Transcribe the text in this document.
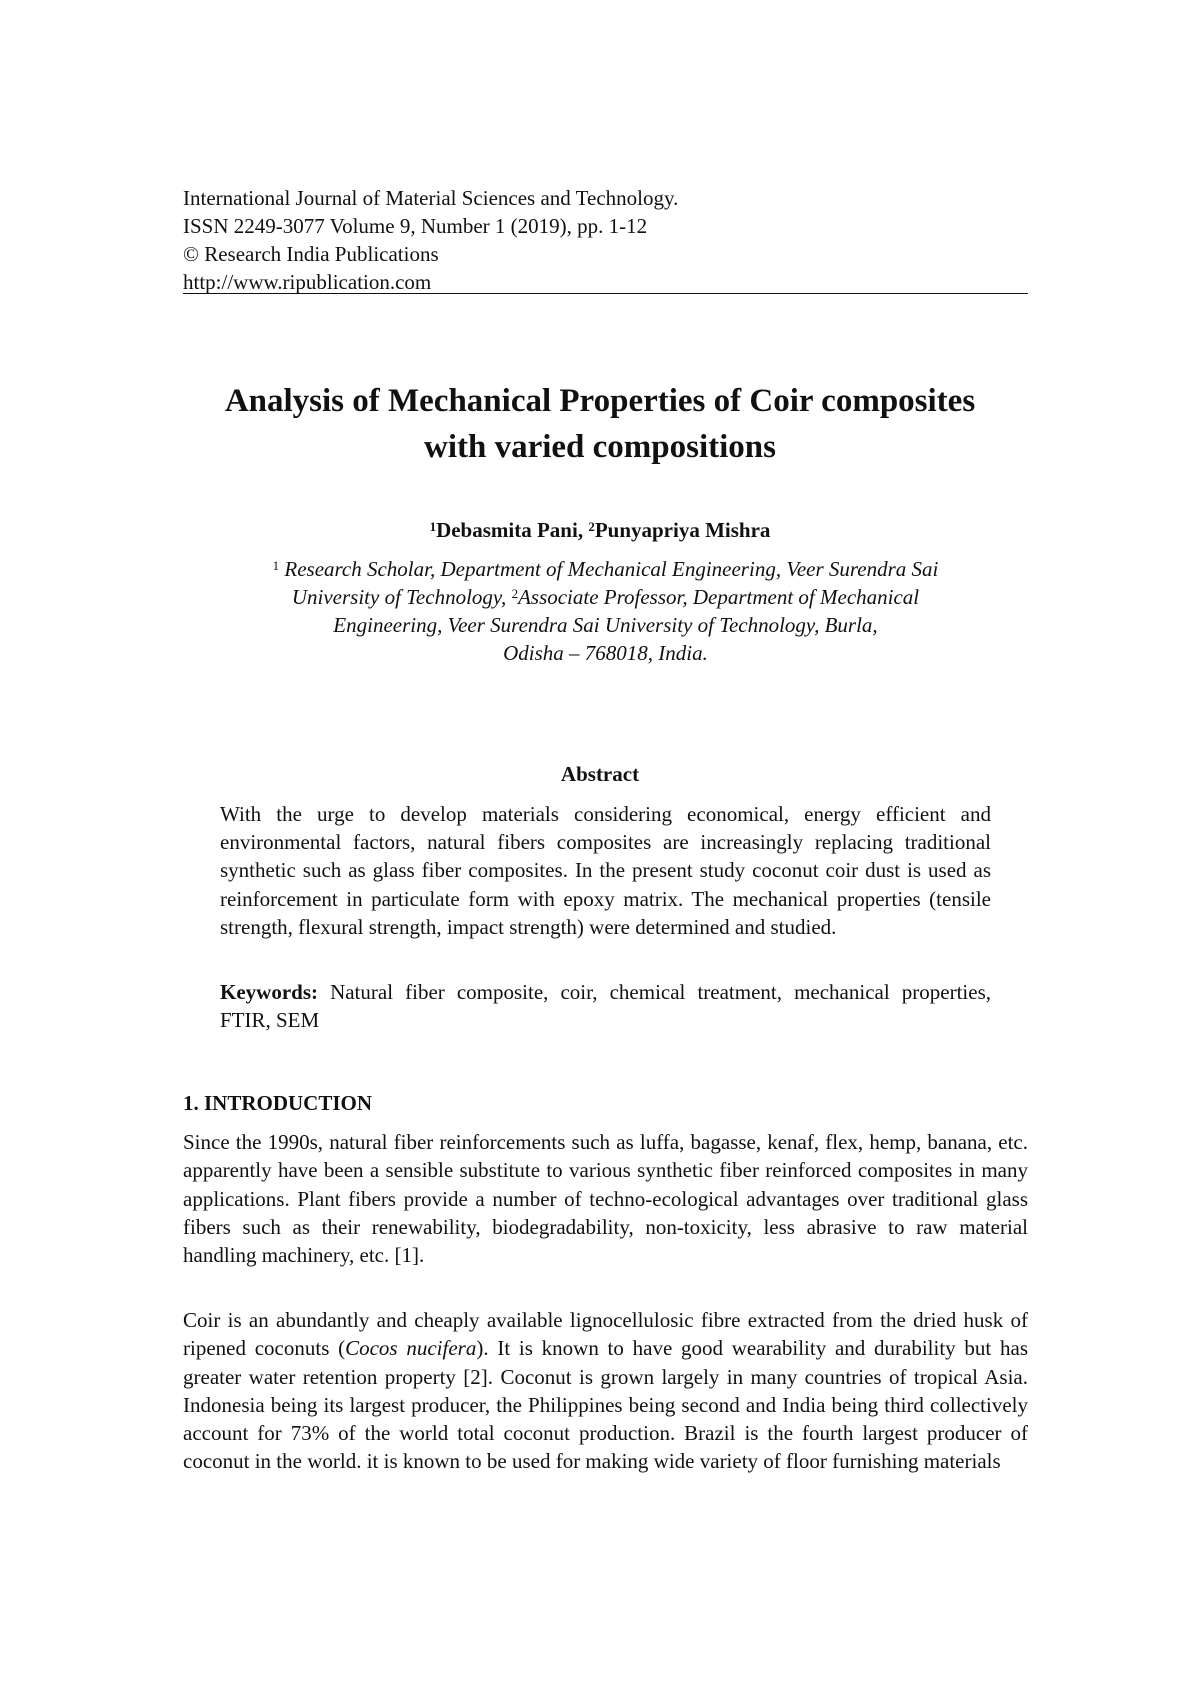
International Journal of Material Sciences and Technology.
ISSN 2249-3077 Volume 9, Number 1 (2019), pp. 1-12
© Research India Publications
http://www.ripublication.com
Analysis of Mechanical Properties of Coir composites
with varied compositions
$^1$Debasmita Pani, $^2$Punyapriya Mishra
$^1$ Research Scholar, Department of Mechanical Engineering, Veer Surendra Sai
University of Technology, $^2$Associate Professor, Department of Mechanical
Engineering, Veer Surendra Sai University of Technology, Burla,
Odisha – 768018, India.
Abstract

With the urge to develop materials considering economical, energy efficient and environmental factors, natural fibers composites are increasingly replacing traditional synthetic such as glass fiber composites. In the present study coconut coir dust is used as reinforcement in particulate form with epoxy matrix. The mechanical properties (tensile strength, flexural strength, impact strength) were determined and studied.

Keywords: Natural fiber composite, coir, chemical treatment, mechanical properties, FTIR, SEM

1. INTRODUCTION

Since the 1990s, natural fiber reinforcements such as luffa, bagasse, kenaf, flex, hemp, banana, etc. apparently have been a sensible substitute to various synthetic fiber reinforced composites in many applications. Plant fibers provide a number of techno-ecological advantages over traditional glass fibers such as their renewability, biodegradability, non-toxicity, less abrasive to raw material handling machinery, etc. [1].

Coir is an abundantly and cheaply available lignocellulosic fibre extracted from the dried husk of ripened coconuts (Cocos nucifera). It is known to have good wearability and durability but has greater water retention property [2]. Coconut is grown largely in many countries of tropical Asia. Indonesia being its largest producer, the Philippines being second and India being third collectively account for 73% of the world total coconut production. Brazil is the fourth largest producer of coconut in the world. it is known to be used for making wide variety of floor furnishing materials
